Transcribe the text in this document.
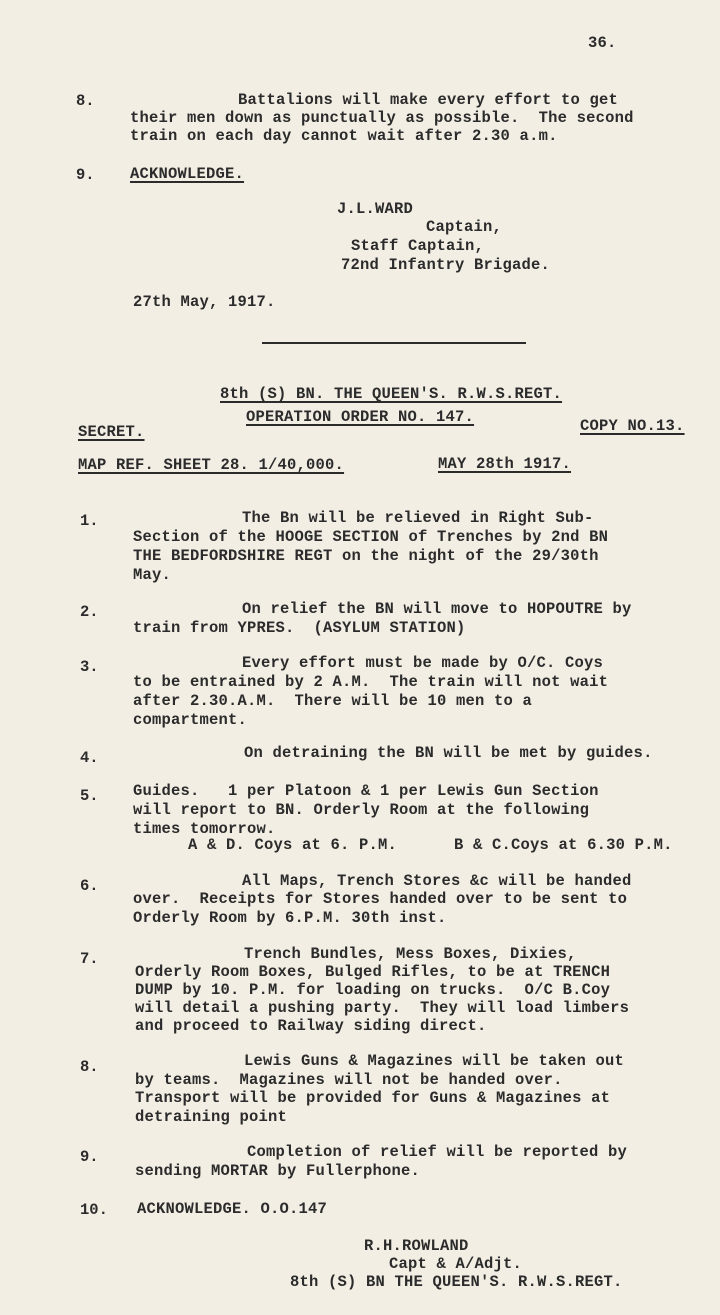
36.
8.	Battalions will make every effort to get
their men down as punctually as possible.  The second
train on each day cannot wait after 2.30 a.m.
9. ACKNOWLEDGE.
J.L.WARD
Captain,
Staff Captain,
72nd Infantry Brigade.
27th May, 1917.
8th (S) BN. THE QUEEN'S. R.W.S.REGT.
OPERATION ORDER NO. 147.
SECRET.	COPY NO.13.
MAP REF. SHEET 28. 1/40,000.	MAY 28th 1917.
1.	The Bn will be relieved in Right Sub-
Section of the HOOGE SECTION of Trenches by 2nd BN
THE BEDFORDSHIRE REGT on the night of the 29/30th
May.
2.	On relief the BN will move to HOPOUTRE by
train from YPRES.  (ASYLUM STATION)
3.	Every effort must be made by O/C. Coys
to be entrained by 2 A.M.  The train will not wait
after 2.30.A.M.  There will be 10 men to a
compartment.
4.	On detraining the BN will be met by guides.
5. Guides.   1 per Platoon & 1 per Lewis Gun Section
will report to BN. Orderly Room at the following
times tomorrow.
A & D. Coys at 6. P.M.      B & C.Coys at 6.30 P.M.
6.	All Maps, Trench Stores &c will be handed
over.  Receipts for Stores handed over to be sent to
Orderly Room by 6.P.M. 30th inst.
7.	Trench Bundles, Mess Boxes, Dixies,
Orderly Room Boxes, Bulged Rifles, to be at TRENCH
DUMP by 10. P.M. for loading on trucks.  O/C B.Coy
will detail a pushing party.  They will load limbers
and proceed to Railway siding direct.
8.	Lewis Guns & Magazines will be taken out
by teams.  Magazines will not be handed over.
Transport will be provided for Guns & Magazines at
detraining point
9.	Completion of relief will be reported by
sending MORTAR by Fullerphone.
10. ACKNOWLEDGE. O.O.147
R.H.ROWLAND
Capt & A/Adjt.
8th (S) BN THE QUEEN'S. R.W.S.REGT.
